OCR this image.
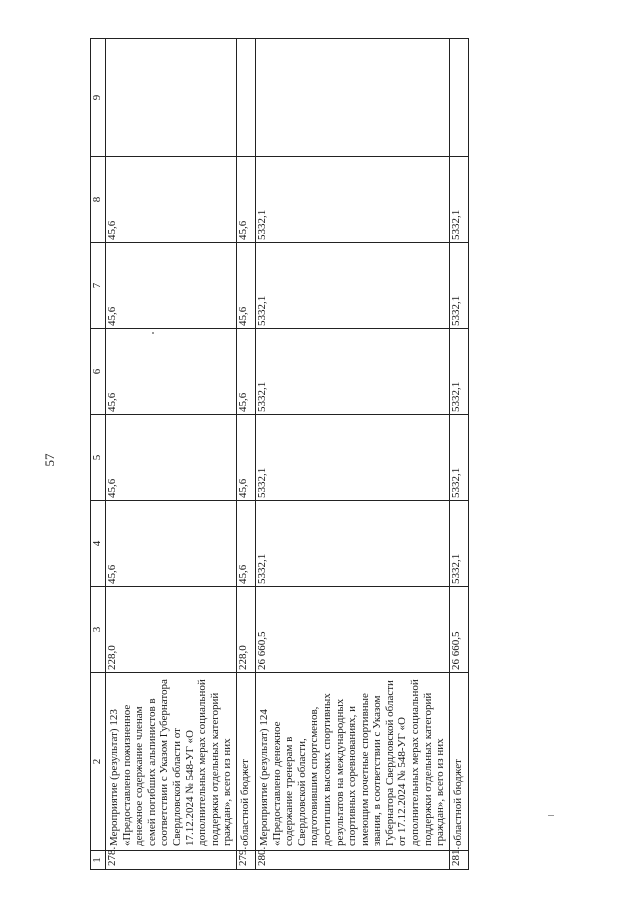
57
1	2	3	4	5	6	7	8	9
278.	Мероприятие (результат) 123 «Предоставлено пожизненное денежное содержание членам семей погибших альпинистов в соответствии с Указом Губернатора Свердловской области от 17.12.2024 № 548-УГ «О дополнительных мерах социальной поддержки отдельных категорий граждан», всего из них	228,0	45,6	45,6	45,6	45,6	45,6	
279.	областной бюджет	228,0	45,6	45,6	45,6	45,6	45,6	
280.	Мероприятие (результат) 124 «Предоставлено денежное содержание тренерам в Свердловской области, подготовившим спортсменов, достигших высоких спортивных результатов на международных спортивных соревнованиях, и имеющим почетные спортивные звания, в соответствии с Указом Губернатора Свердловской области от 17.12.2024 № 548-УГ «О дополнительных мерах социальной поддержки отдельных категорий граждан», всего из них	26 660,5	5332,1	5332,1	5332,1	5332,1	5332,1	
281.	областной бюджет	26 660,5	5332,1	5332,1	5332,1	5332,1	5332,1	
